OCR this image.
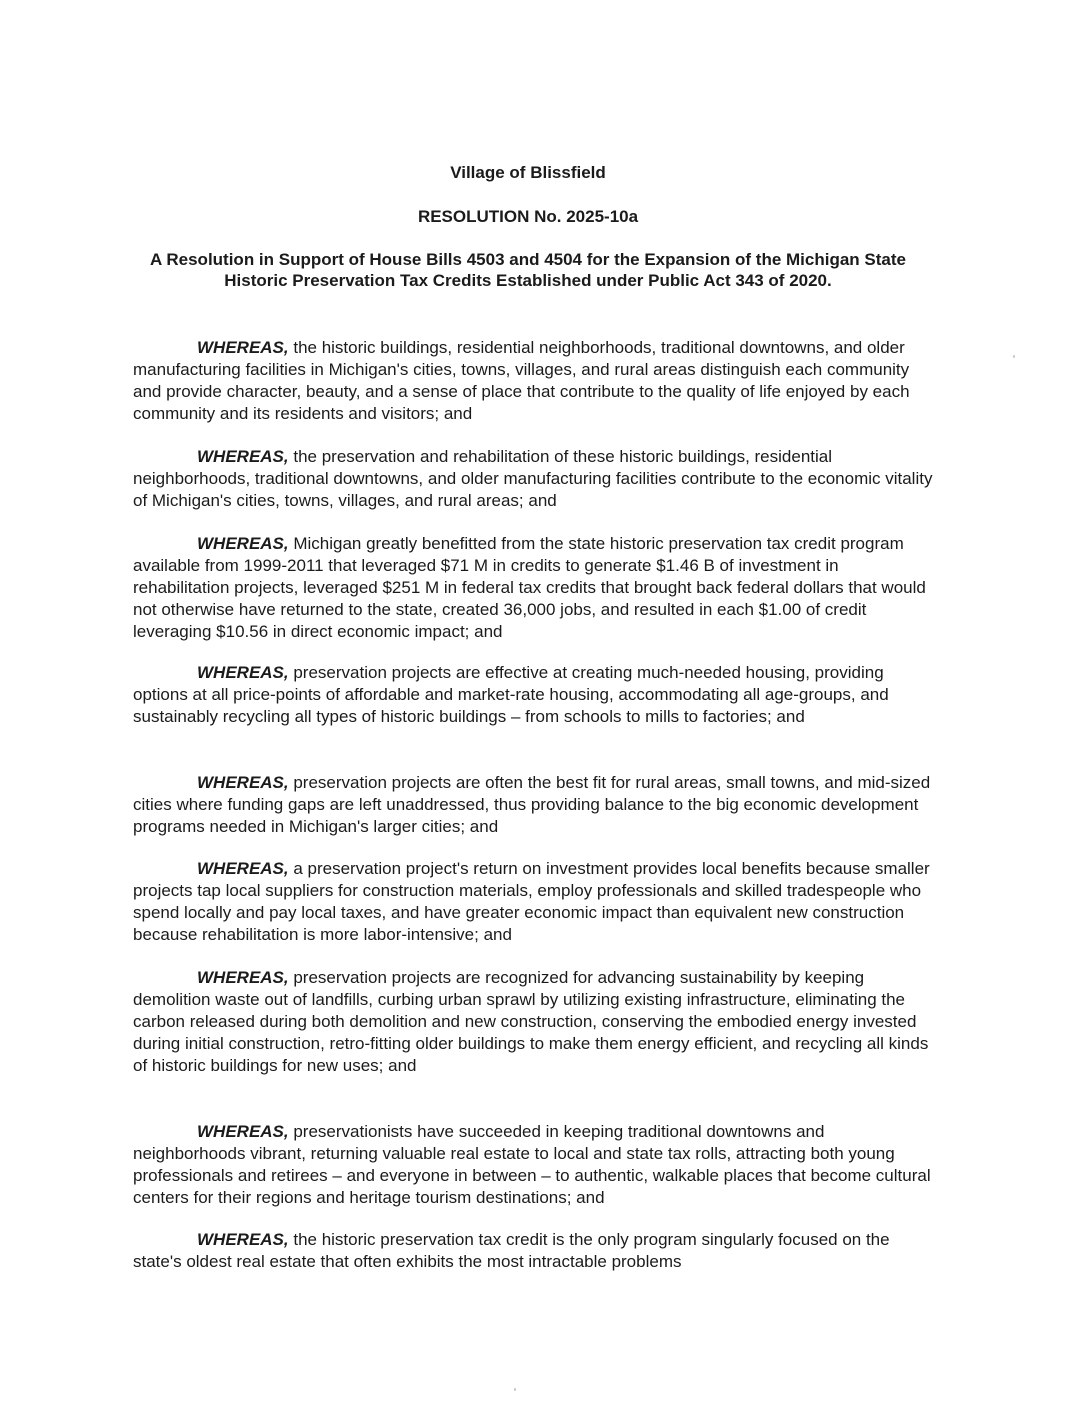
Village of Blissfield
RESOLUTION No. 2025-10a
A Resolution in Support of House Bills 4503 and 4504 for the Expansion of the Michigan State Historic Preservation Tax Credits Established under Public Act 343 of 2020.

WHEREAS, the historic buildings, residential neighborhoods, traditional downtowns, and older manufacturing facilities in Michigan's cities, towns, villages, and rural areas distinguish each community and provide character, beauty, and a sense of place that contribute to the quality of life enjoyed by each community and its residents and visitors; and

WHEREAS, the preservation and rehabilitation of these historic buildings, residential neighborhoods, traditional downtowns, and older manufacturing facilities contribute to the economic vitality of Michigan's cities, towns, villages, and rural areas; and

WHEREAS, Michigan greatly benefitted from the state historic preservation tax credit program available from 1999-2011 that leveraged $71 M in credits to generate $1.46 B of investment in rehabilitation projects, leveraged $251 M in federal tax credits that brought back federal dollars that would not otherwise have returned to the state, created 36,000 jobs, and resulted in each $1.00 of credit leveraging $10.56 in direct economic impact; and

WHEREAS, preservation projects are effective at creating much-needed housing, providing options at all price-points of affordable and market-rate housing, accommodating all age-groups, and sustainably recycling all types of historic buildings – from schools to mills to factories; and

WHEREAS, preservation projects are often the best fit for rural areas, small towns, and mid-sized cities where funding gaps are left unaddressed, thus providing balance to the big economic development programs needed in Michigan's larger cities; and

WHEREAS, a preservation project's return on investment provides local benefits because smaller projects tap local suppliers for construction materials, employ professionals and skilled tradespeople who spend locally and pay local taxes, and have greater economic impact than equivalent new construction because rehabilitation is more labor-intensive; and

WHEREAS, preservation projects are recognized for advancing sustainability by keeping demolition waste out of landfills, curbing urban sprawl by utilizing existing infrastructure, eliminating the carbon released during both demolition and new construction, conserving the embodied energy invested during initial construction, retro-fitting older buildings to make them energy efficient, and recycling all kinds of historic buildings for new uses; and

WHEREAS, preservationists have succeeded in keeping traditional downtowns and neighborhoods vibrant, returning valuable real estate to local and state tax rolls, attracting both young professionals and retirees – and everyone in between – to authentic, walkable places that become cultural centers for their regions and heritage tourism destinations; and

WHEREAS, the historic preservation tax credit is the only program singularly focused on the state's oldest real estate that often exhibits the most intractable problems
